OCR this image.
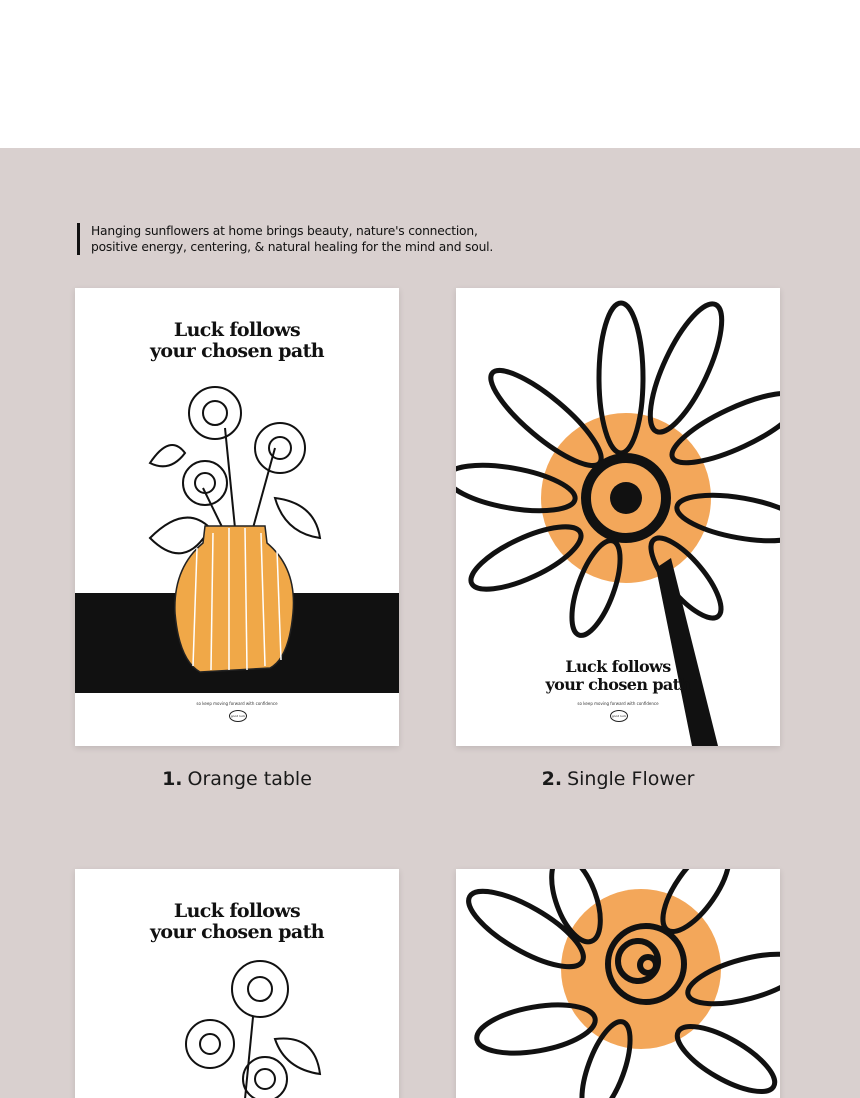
Hanging sunflowers at home brings beauty, nature's connection,
positive energy, centering, & natural healing for the mind and soul.
Luck follows
your chosen path
so keep moving forward with confidence
good luck
1. Orange table
Luck follows
your chosen path
so keep moving forward with confidence
good luck
2. Single Flower
Luck follows
your chosen path
